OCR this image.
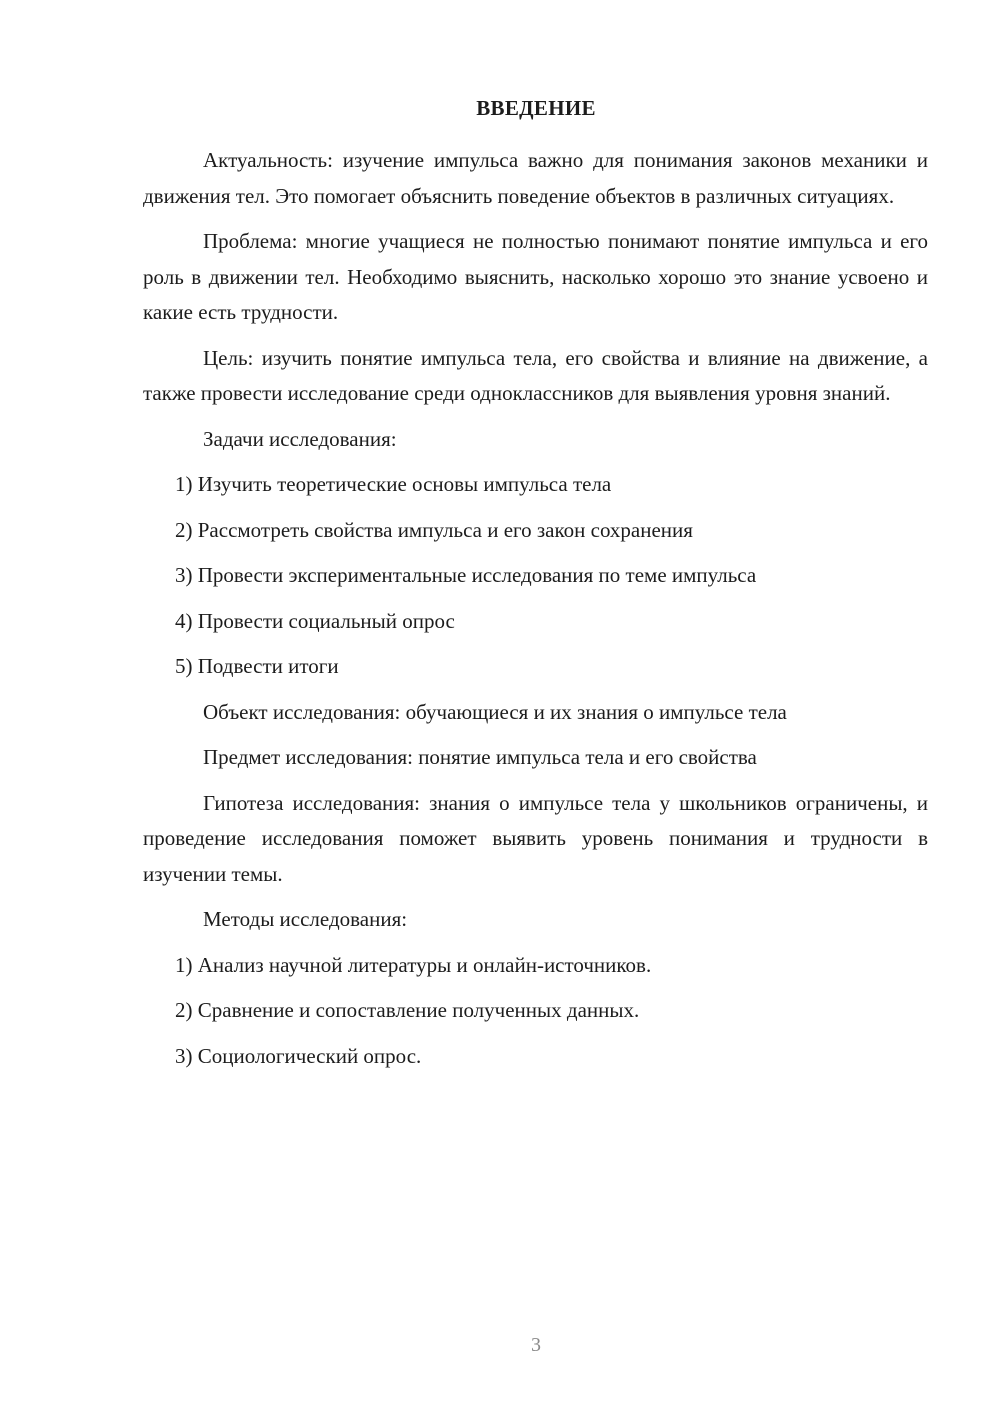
ВВЕДЕНИЕ

Актуальность: изучение импульса важно для понимания законов механики и движения тел. Это помогает объяснить поведение объектов в различных ситуациях.

Проблема: многие учащиеся не полностью понимают понятие импульса и его роль в движении тел. Необходимо выяснить, насколько хорошо это знание усвоено и какие есть трудности.

Цель: изучить понятие импульса тела, его свойства и влияние на движение, а также провести исследование среди одноклассников для выявления уровня знаний.

Задачи исследования:
1) Изучить теоретические основы импульса тела
2) Рассмотреть свойства импульса и его закон сохранения
3) Провести экспериментальные исследования по теме импульса
4) Провести социальный опрос
5) Подвести итоги
Объект исследования: обучающиеся и их знания о импульсе тела
Предмет исследования: понятие импульса тела и его свойства

Гипотеза исследования: знания о импульсе тела у школьников ограничены, и проведение исследования поможет выявить уровень понимания и трудности в изучении темы.

Методы исследования:
1) Анализ научной литературы и онлайн-источников.
2) Сравнение и сопоставление полученных данных.
3) Социологический опрос.
3
